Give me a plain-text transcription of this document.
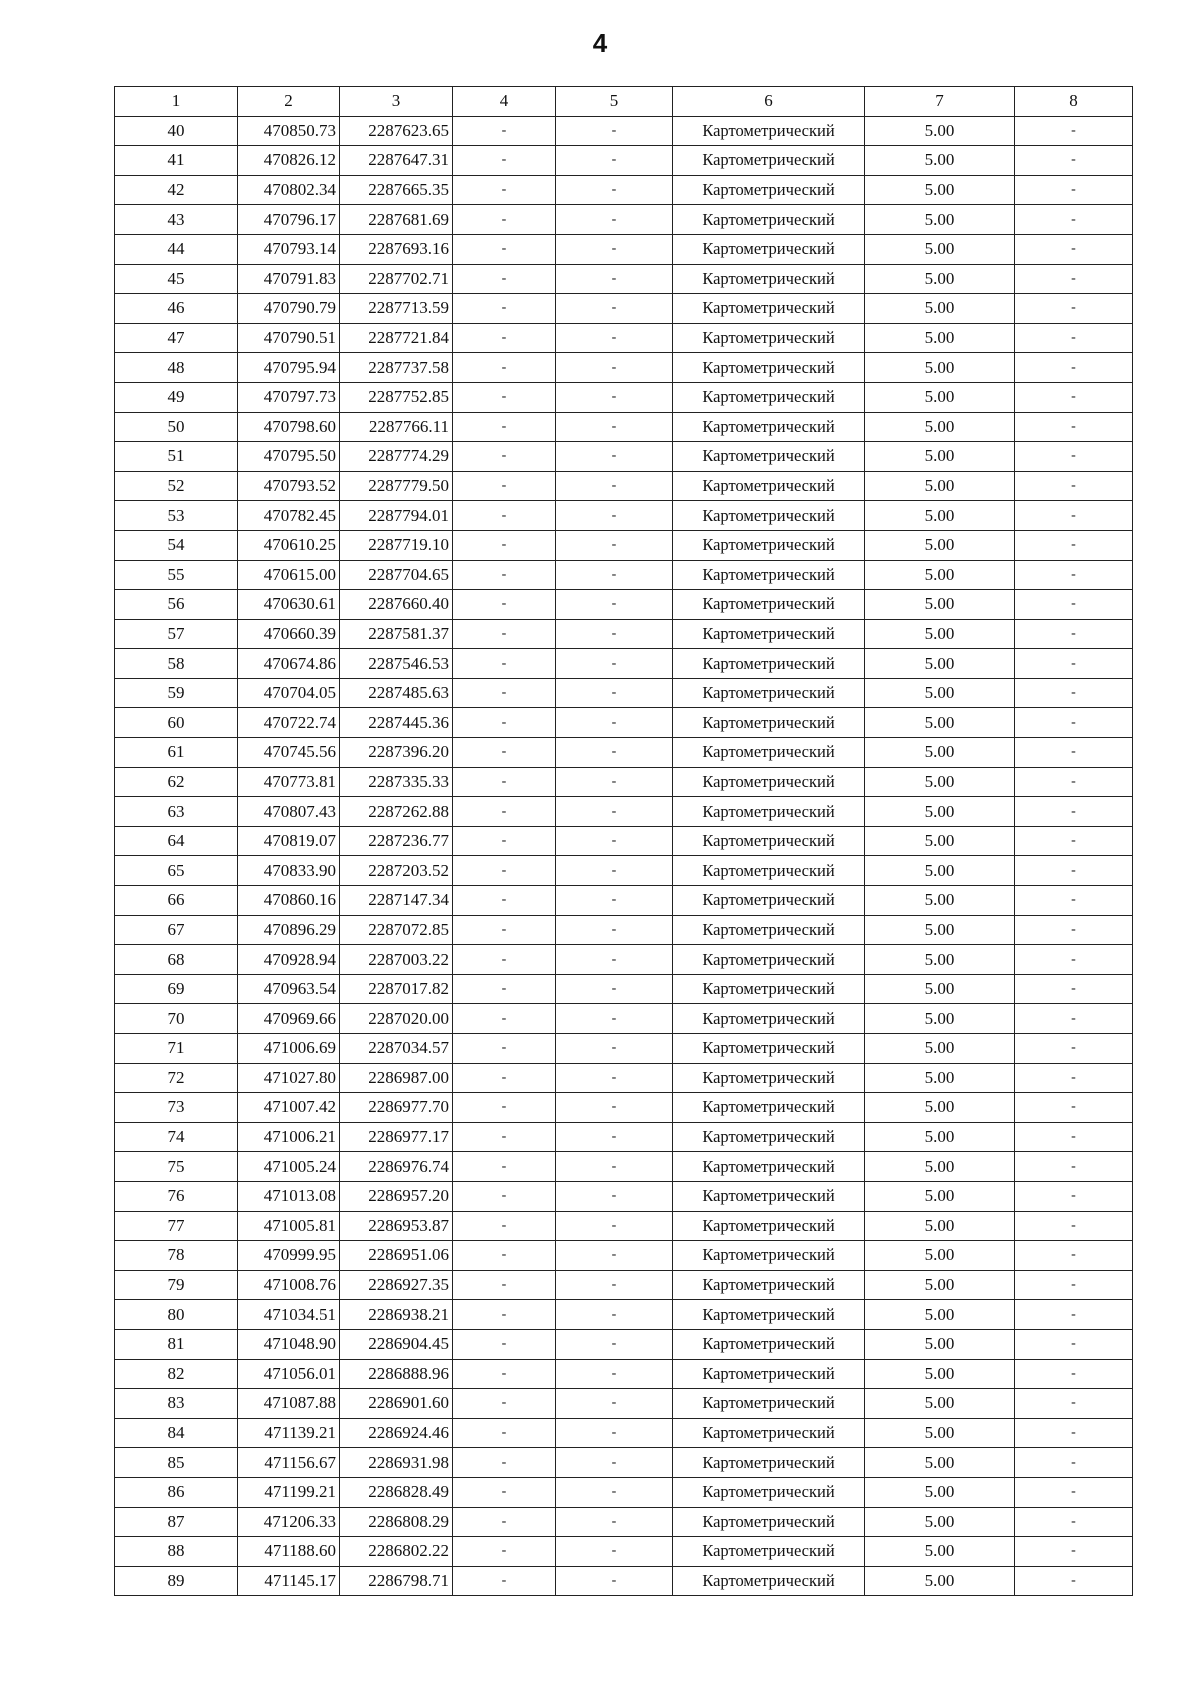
4
1	2	3	4	5	6	7	8
40	470850.73	2287623.65	-	-	Картометрический	5.00	-
41	470826.12	2287647.31	-	-	Картометрический	5.00	-
42	470802.34	2287665.35	-	-	Картометрический	5.00	-
43	470796.17	2287681.69	-	-	Картометрический	5.00	-
44	470793.14	2287693.16	-	-	Картометрический	5.00	-
45	470791.83	2287702.71	-	-	Картометрический	5.00	-
46	470790.79	2287713.59	-	-	Картометрический	5.00	-
47	470790.51	2287721.84	-	-	Картометрический	5.00	-
48	470795.94	2287737.58	-	-	Картометрический	5.00	-
49	470797.73	2287752.85	-	-	Картометрический	5.00	-
50	470798.60	2287766.11	-	-	Картометрический	5.00	-
51	470795.50	2287774.29	-	-	Картометрический	5.00	-
52	470793.52	2287779.50	-	-	Картометрический	5.00	-
53	470782.45	2287794.01	-	-	Картометрический	5.00	-
54	470610.25	2287719.10	-	-	Картометрический	5.00	-
55	470615.00	2287704.65	-	-	Картометрический	5.00	-
56	470630.61	2287660.40	-	-	Картометрический	5.00	-
57	470660.39	2287581.37	-	-	Картометрический	5.00	-
58	470674.86	2287546.53	-	-	Картометрический	5.00	-
59	470704.05	2287485.63	-	-	Картометрический	5.00	-
60	470722.74	2287445.36	-	-	Картометрический	5.00	-
61	470745.56	2287396.20	-	-	Картометрический	5.00	-
62	470773.81	2287335.33	-	-	Картометрический	5.00	-
63	470807.43	2287262.88	-	-	Картометрический	5.00	-
64	470819.07	2287236.77	-	-	Картометрический	5.00	-
65	470833.90	2287203.52	-	-	Картометрический	5.00	-
66	470860.16	2287147.34	-	-	Картометрический	5.00	-
67	470896.29	2287072.85	-	-	Картометрический	5.00	-
68	470928.94	2287003.22	-	-	Картометрический	5.00	-
69	470963.54	2287017.82	-	-	Картометрический	5.00	-
70	470969.66	2287020.00	-	-	Картометрический	5.00	-
71	471006.69	2287034.57	-	-	Картометрический	5.00	-
72	471027.80	2286987.00	-	-	Картометрический	5.00	-
73	471007.42	2286977.70	-	-	Картометрический	5.00	-
74	471006.21	2286977.17	-	-	Картометрический	5.00	-
75	471005.24	2286976.74	-	-	Картометрический	5.00	-
76	471013.08	2286957.20	-	-	Картометрический	5.00	-
77	471005.81	2286953.87	-	-	Картометрический	5.00	-
78	470999.95	2286951.06	-	-	Картометрический	5.00	-
79	471008.76	2286927.35	-	-	Картометрический	5.00	-
80	471034.51	2286938.21	-	-	Картометрический	5.00	-
81	471048.90	2286904.45	-	-	Картометрический	5.00	-
82	471056.01	2286888.96	-	-	Картометрический	5.00	-
83	471087.88	2286901.60	-	-	Картометрический	5.00	-
84	471139.21	2286924.46	-	-	Картометрический	5.00	-
85	471156.67	2286931.98	-	-	Картометрический	5.00	-
86	471199.21	2286828.49	-	-	Картометрический	5.00	-
87	471206.33	2286808.29	-	-	Картометрический	5.00	-
88	471188.60	2286802.22	-	-	Картометрический	5.00	-
89	471145.17	2286798.71	-	-	Картометрический	5.00	-
